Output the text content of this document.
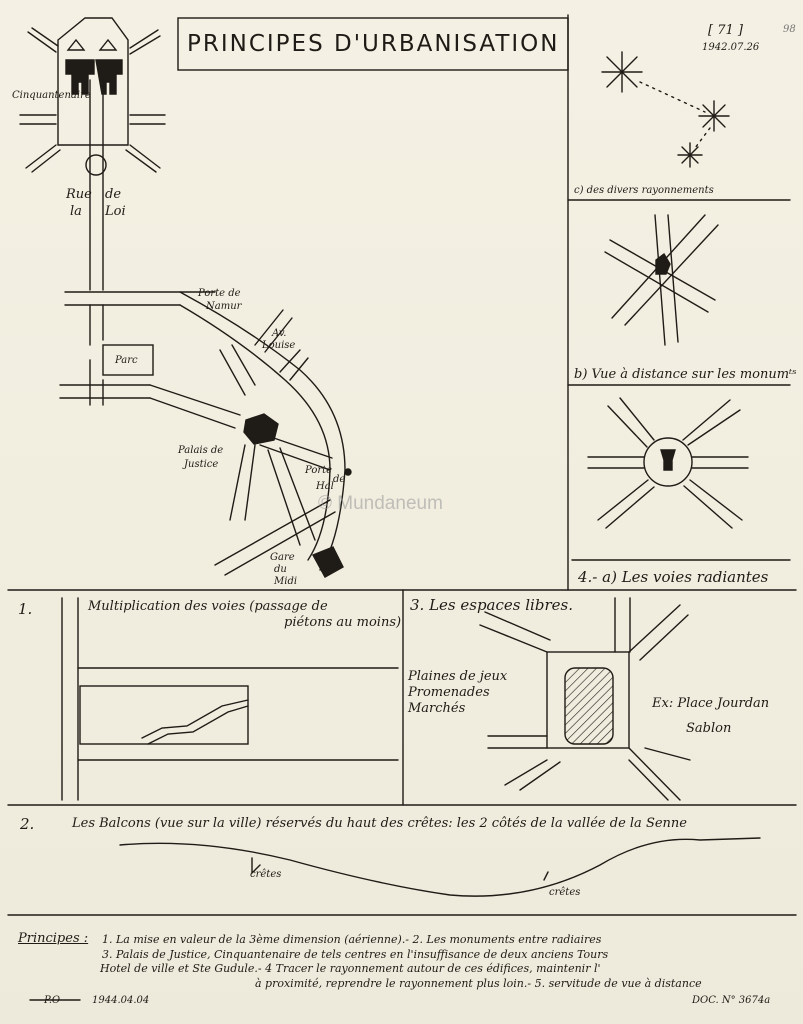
PRINCIPES D'URBANISATION
[ 71 ]
1942.07.26
98
Cinquantenaire
Rue de
la Loi
Porte de
Namur
Av.
Louise
Parc
Palais de
Justice
Porte
de
Hal
Gare
du
Midi
c) des divers rayonnements
b) Vue à distance sur les monumᵗˢ
4.- a) Les voies radiantes
1.	Multiplication des voies (passage de
piétons au moins)
3. Les espaces libres.
Plaines de jeux
Promenades
Marchés	Ex: Place Jourdan
Sablon
2.	Les Balcons (vue sur la ville) réservés du haut des crêtes: les 2 côtés de la vallée de la Senne
crêtes
crêtes
Principes : 1. La mise en valeur de la 3ème dimension (aérienne).- 2. Les monuments entre radiaires
3. Palais de Justice, Cinquantenaire de tels centres en l'insuffisance de deux anciens Tours
Hotel de ville et Ste Gudule.- 4 Tracer le rayonnement autour de ces édifices, maintenir l'
à proximité, reprendre le rayonnement plus loin.- 5. servitude de vue à distance
P.O	1944.04.04	DOC. N° 3674a
© Mundaneum
